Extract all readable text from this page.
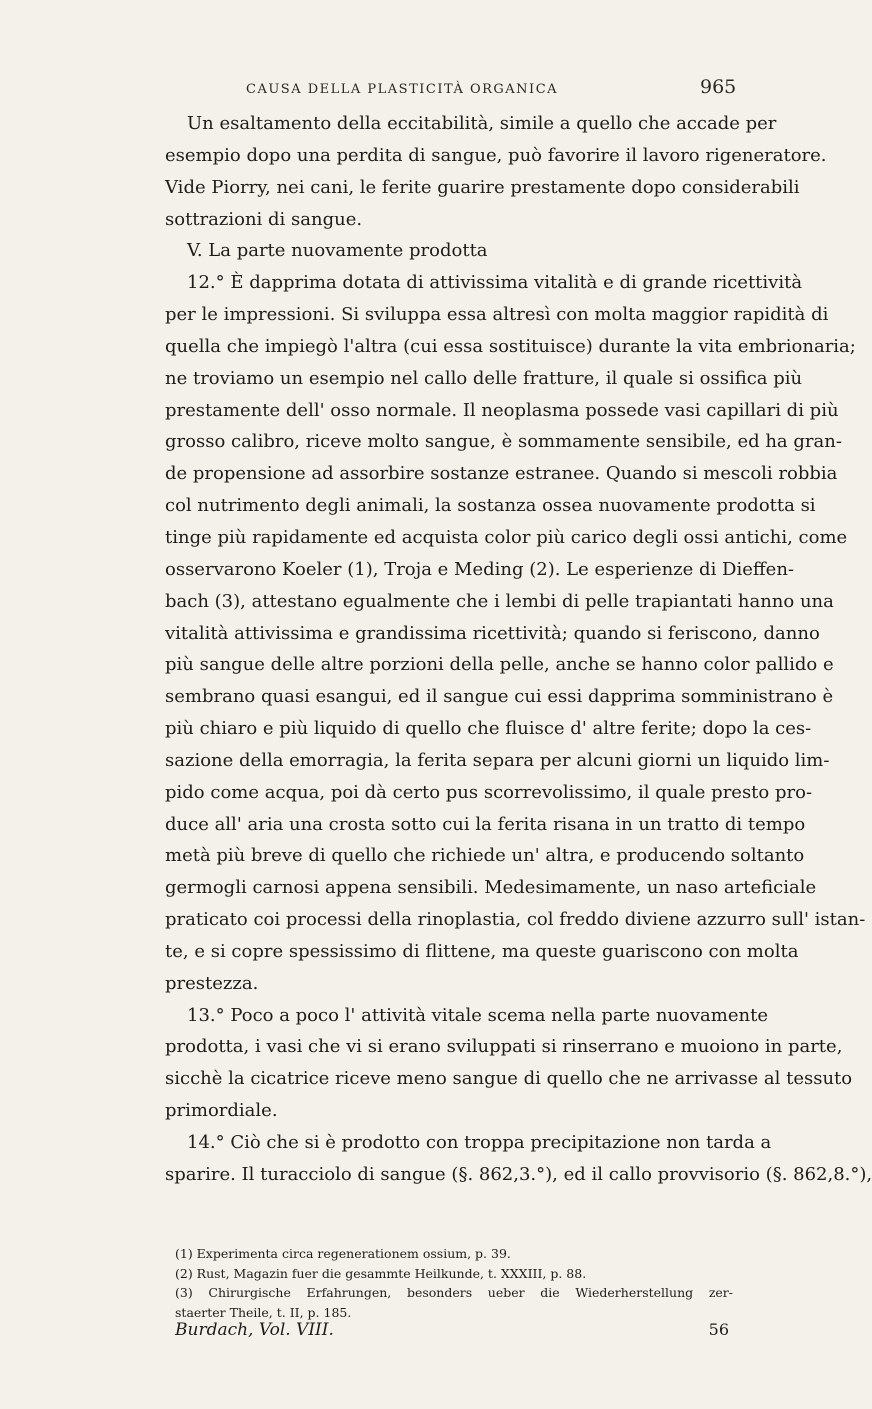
CAUSA DELLA PLASTICITÀ ORGANICA	965
Un esaltamento della eccitabilità, simile a quello che accade per
esempio dopo una perdita di sangue, può favorire il lavoro rigeneratore.
Vide Piorry, nei cani, le ferite guarire prestamente dopo considerabili
sottrazioni di sangue.
V. La parte nuovamente prodotta
12.° È dapprima dotata di attivissima vitalità e di grande ricettività
per le impressioni. Si sviluppa essa altresì con molta maggior rapidità di
quella che impiegò l'altra (cui essa sostituisce) durante la vita embrionaria;
ne troviamo un esempio nel callo delle fratture, il quale si ossifica più
prestamente dell' osso normale. Il neoplasma possede vasi capillari di più
grosso calibro, riceve molto sangue, è sommamente sensibile, ed ha gran-
de propensione ad assorbire sostanze estranee. Quando si mescoli robbia
col nutrimento degli animali, la sostanza ossea nuovamente prodotta si
tinge più rapidamente ed acquista color più carico degli ossi antichi, come
osservarono Koeler (1), Troja e Meding (2). Le esperienze di Dieffen-
bach (3), attestano egualmente che i lembi di pelle trapiantati hanno una
vitalità attivissima e grandissima ricettività; quando si feriscono, danno
più sangue delle altre porzioni della pelle, anche se hanno color pallido e
sembrano quasi esangui, ed il sangue cui essi dapprima somministrano è
più chiaro e più liquido di quello che fluisce d' altre ferite; dopo la ces-
sazione della emorragia, la ferita separa per alcuni giorni un liquido lim-
pido come acqua, poi dà certo pus scorrevolissimo, il quale presto pro-
duce all' aria una crosta sotto cui la ferita risana in un tratto di tempo
metà più breve di quello che richiede un' altra, e producendo soltanto
germogli carnosi appena sensibili. Medesimamente, un naso arteficiale
praticato coi processi della rinoplastia, col freddo diviene azzurro sull' istan-
te, e si copre spessissimo di flittene, ma queste guariscono con molta
prestezza.
13.° Poco a poco l' attività vitale scema nella parte nuovamente
prodotta, i vasi che vi si erano sviluppati si rinserrano e muoiono in parte,
sicchè la cicatrice riceve meno sangue di quello che ne arrivasse al tessuto
primordiale.
14.° Ciò che si è prodotto con troppa precipitazione non tarda a
sparire. Il turacciolo di sangue (§. 862,3.°), ed il callo provvisorio (§. 862,8.°),
(1) Experimenta circa regenerationem ossium, p. 39.
(2) Rust, Magazin fuer die gesammte Heilkunde, t. XXXIII, p. 88.
(3) Chirurgische Erfahrungen, besonders ueber die Wiederherstellung zer-
staerter Theile, t. II, p. 185.
Burdach, Vol. VIII.	56
